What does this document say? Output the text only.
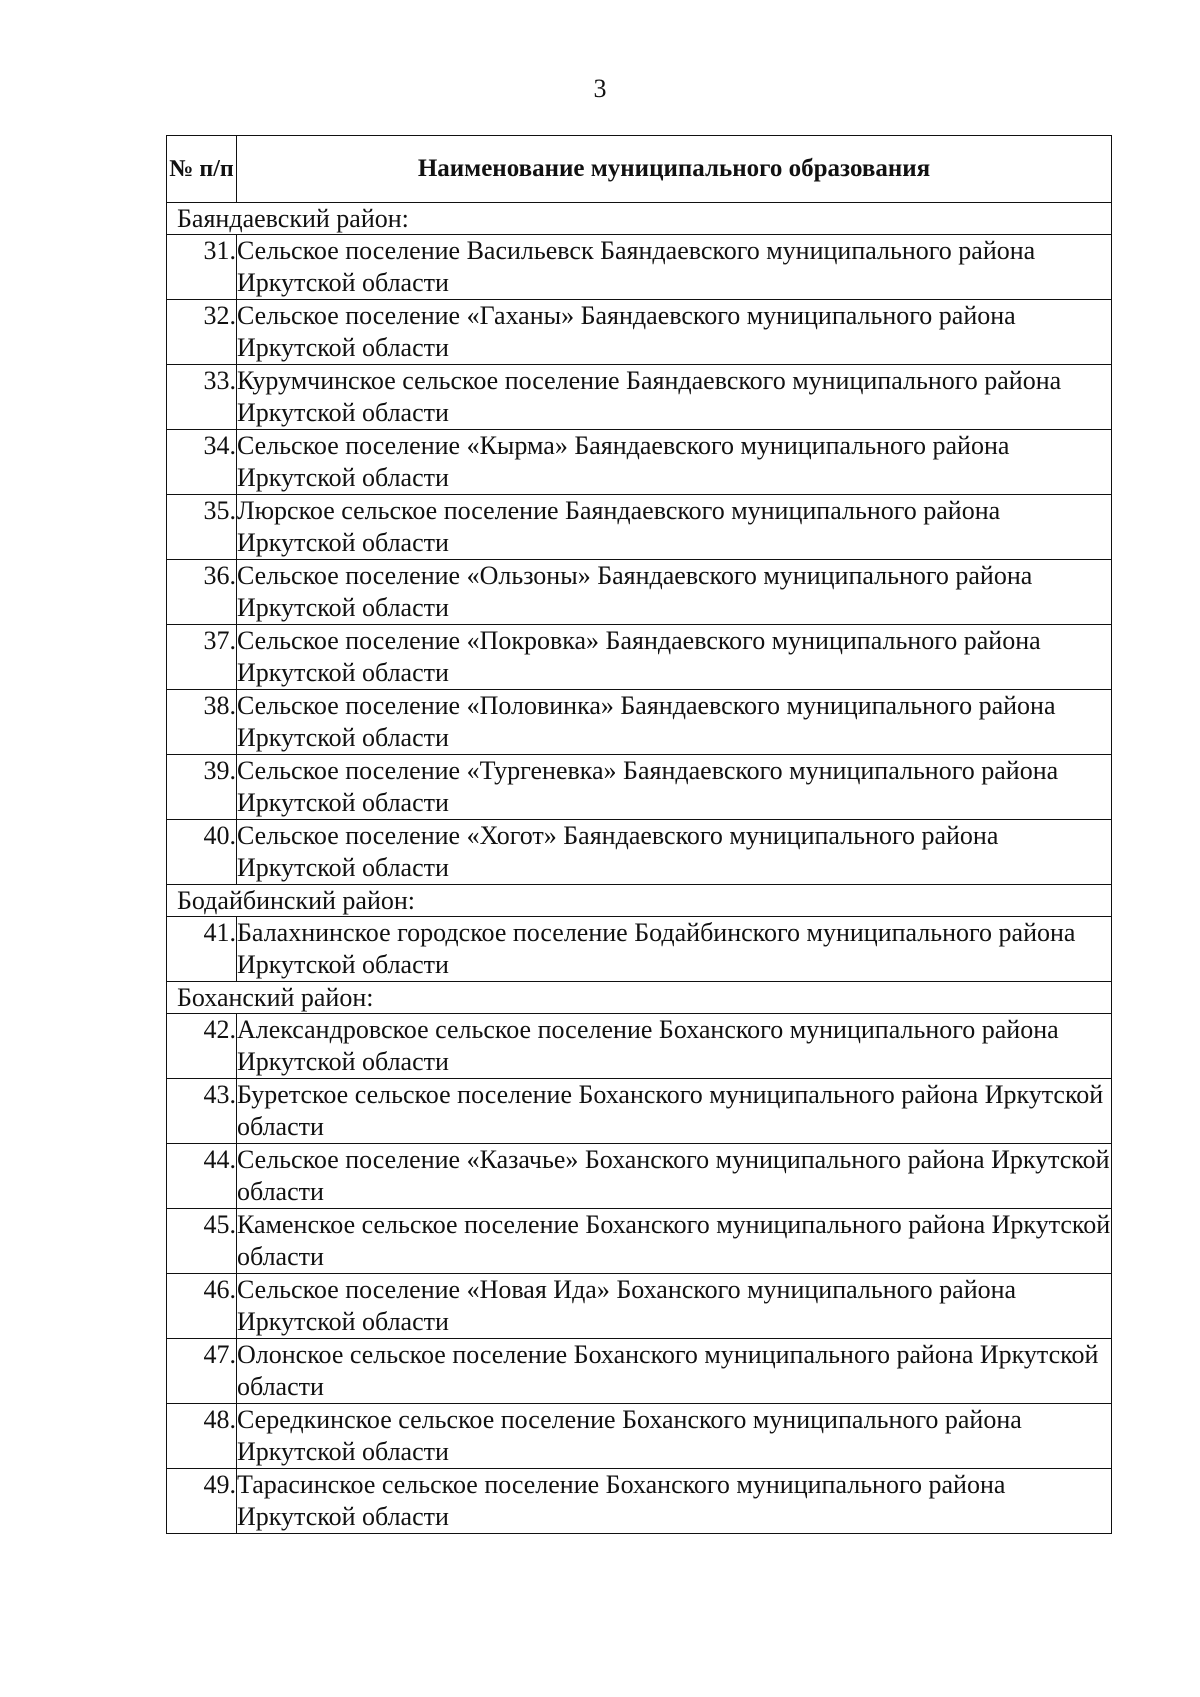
3
№ п/п	Наименование муниципального образования
Баяндаевский район:	
31.	Сельское поселение Васильевск Баяндаевского муниципального района Иркутской области
32.	Сельское поселение «Гаханы» Баяндаевского муниципального района Иркутской области
33.	Курумчинское сельское поселение Баяндаевского муниципального района Иркутской области
34.	Сельское поселение «Кырма» Баяндаевского муниципального района Иркутской области
35.	Люрское сельское поселение Баяндаевского муниципального района Иркутской области
36.	Сельское поселение «Ользоны» Баяндаевского муниципального района Иркутской области
37.	Сельское поселение «Покровка» Баяндаевского муниципального района Иркутской области
38.	Сельское поселение «Половинка» Баяндаевского муниципального района Иркутской области
39.	Сельское поселение «Тургеневка» Баяндаевского муниципального района Иркутской области
40.	Сельское поселение «Хогот» Баяндаевского муниципального района Иркутской области
Бодайбинский район:	
41.	Балахнинское городское поселение Бодайбинского муниципального района Иркутской области
Боханский район:	
42.	Александровское сельское поселение Боханского муниципального района Иркутской области
43.	Буретское сельское поселение Боханского муниципального района Иркутской области
44.	Сельское поселение «Казачье» Боханского муниципального района Иркутской области
45.	Каменское сельское поселение Боханского муниципального района Иркутской области
46.	Сельское поселение «Новая Ида» Боханского муниципального района Иркутской области
47.	Олонское сельское поселение Боханского муниципального района Иркутской области
48.	Середкинское сельское поселение Боханского муниципального района Иркутской области
49.	Тарасинское сельское поселение Боханского муниципального района Иркутской области
